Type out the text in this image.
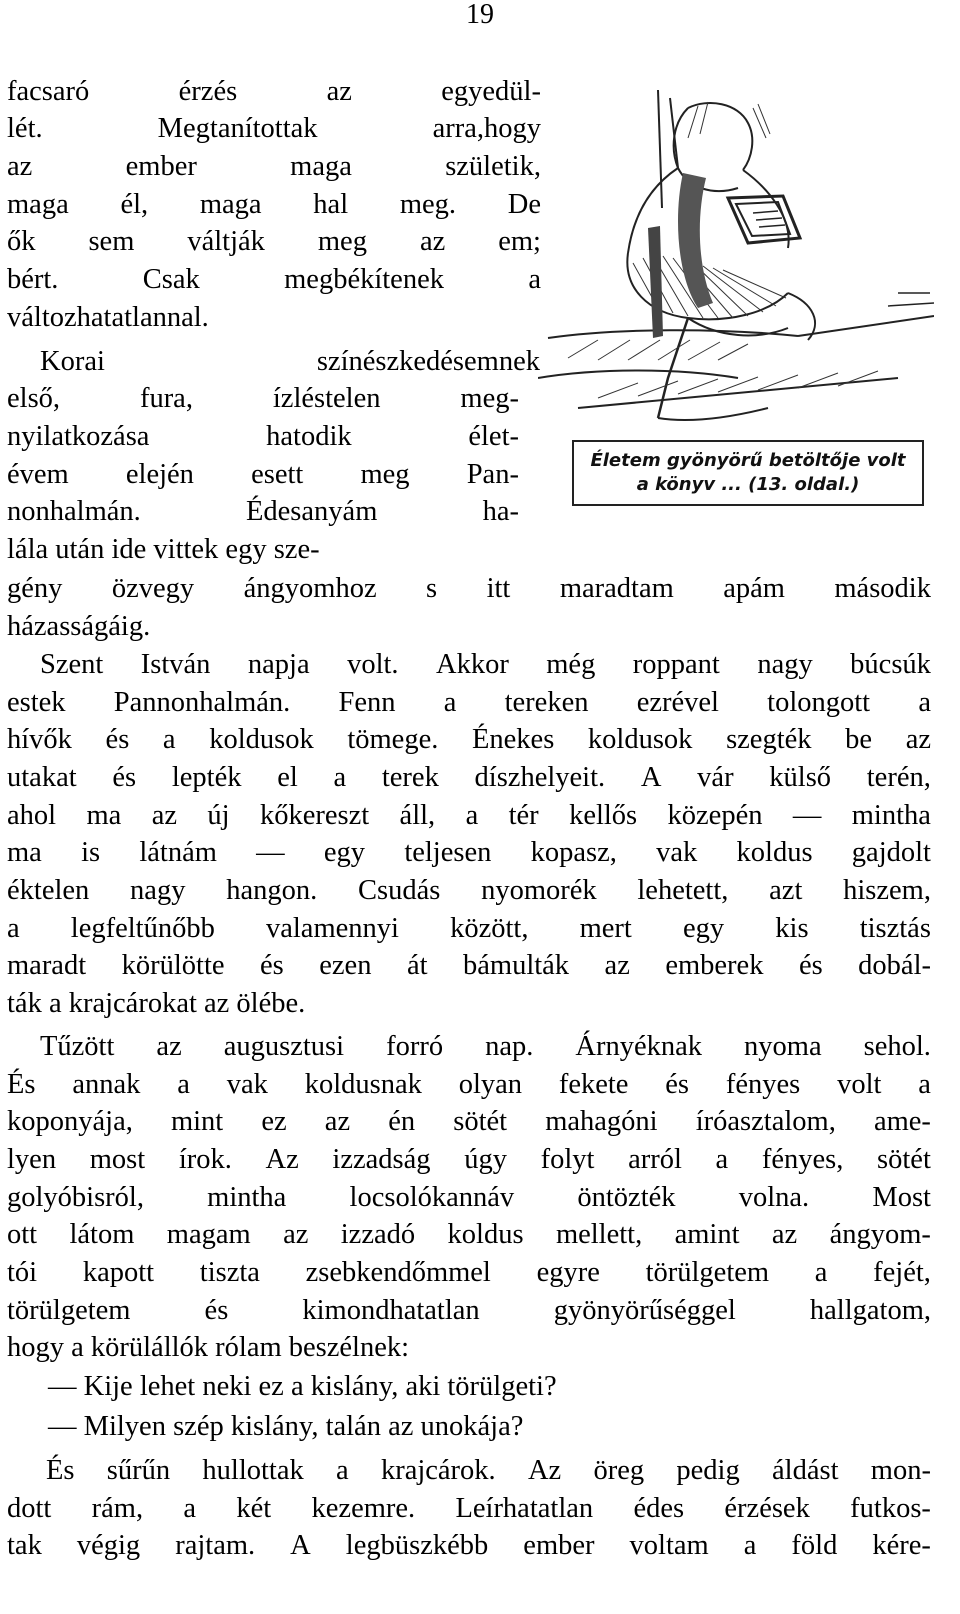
19
Életem gyönyörű betöltője volt
a könyv ... (13. oldal.)
facsaró	érzés	az	egyedül-
lét.	Megtanítottak	arra,hogy
az	ember	maga	születik,
maga él, maga hal meg. De
ők sem váltják meg az em;
bért.	Csak	megbékítenek	a
változhatatlannal.
Korai	színészkedésemnek
első,	fura,	ízléstelen	meg-
nyilatkozása	hatodik	élet-
évem elején esett meg Pan-
nonhalmán.	Édesanyám	ha-
lála után ide vittek egy sze-
gény özvegy ángyomhoz s itt maradtam apám második
házasságáig.
Szent István napja volt. Akkor még roppant nagy búcsúk
estek Pannonhalmán. Fenn a tereken ezrével tolongott a
hívők és a koldusok tömege. Énekes koldusok szegték be az
utakat és lepték el a terek díszhelyeit. A vár külső terén,
ahol ma az új kőkereszt áll, a tér kellős közepén — mintha
ma is látnám — egy teljesen kopasz, vak koldus gajdolt
éktelen nagy hangon. Csudás nyomorék lehetett, azt hiszem,
a legfeltűnőbb valamennyi között, mert egy kis tisztás
maradt körülötte és ezen át bámulták az emberek és dobál-
ták a krajcárokat az ölébe.
Tűzött az augusztusi forró nap. Árnyéknak nyoma sehol.
És annak a vak koldusnak olyan fekete és fényes volt a
koponyája, mint ez az én sötét mahagóni íróasztalom, ame-
lyen most írok. Az izzadság úgy folyt arról a fényes, sötét
golyóbisról, mintha locsolókannáv öntözték volna. Most
ott látom magam az izzadó koldus mellett, amint az ángyom-
tói kapott tiszta zsebkendőmmel egyre törülgetem a fejét,
törülgetem	és	kimondhatatlan	gyönyörűséggel	hallgatom,
hogy a körülállók rólam beszélnek:
— Kije lehet neki ez a kislány, aki törülgeti?
— Milyen szép kislány, talán az unokája?
És sűrűn hullottak a krajcárok. Az öreg pedig áldást mon-
dott rám, a két kezemre. Leírhatatlan édes érzések futkos-
tak végig rajtam. A legbüszkébb ember voltam a föld kére-
